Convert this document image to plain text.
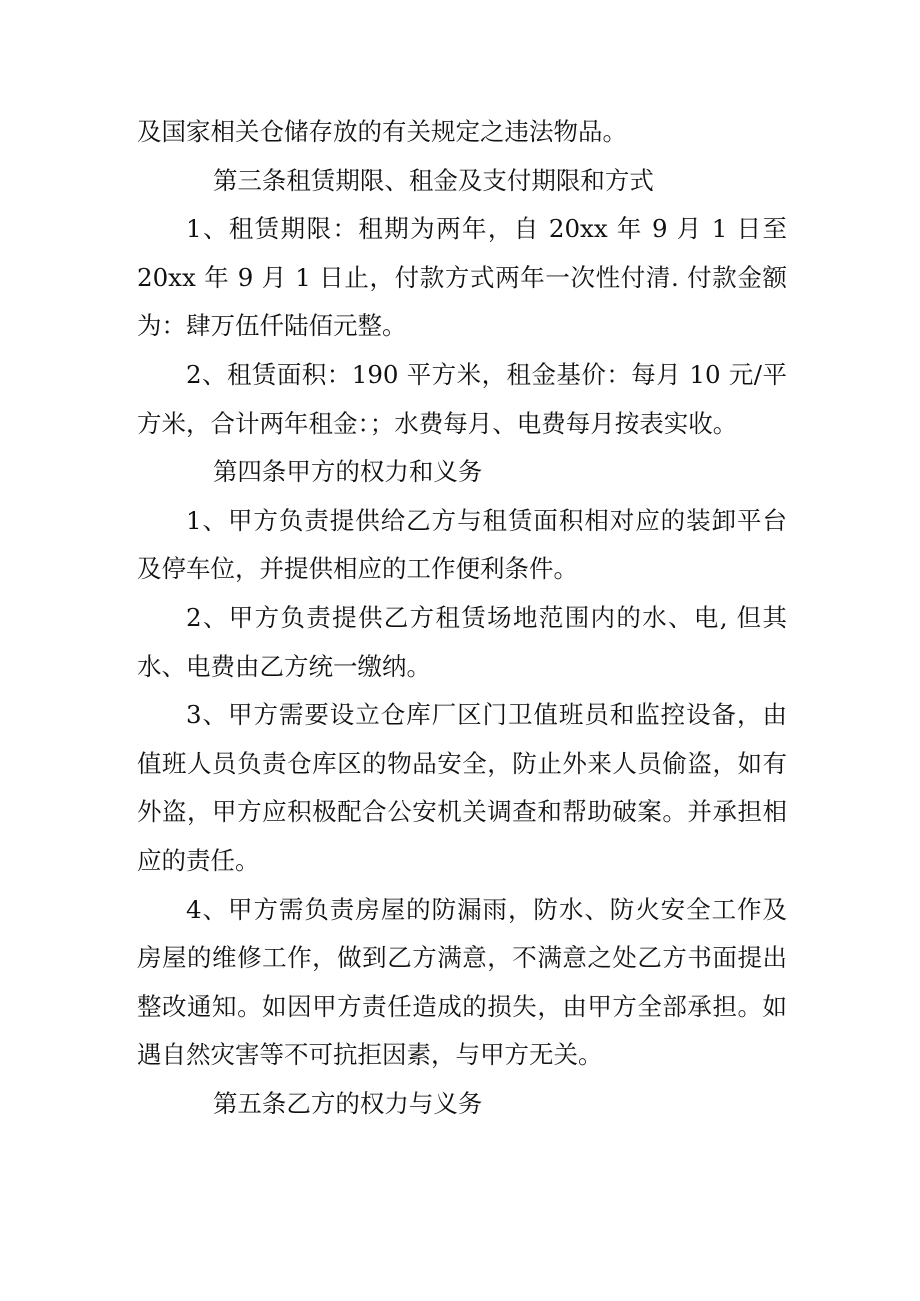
及国家相关仓储存放的有关规定之违法物品。

第三条租赁期限、租金及支付期限和方式

1、租赁期限：租期为两年，自 20xx 年 9 月 1 日至 20xx 年 9 月 1 日止，付款方式两年一次性付清. 付款金额为：肆万伍仟陆佰元整。

2、租赁面积：190 平方米，租金基价：每月 10 元/平方米，合计两年租金：；水费每月、电费每月按表实收。

第四条甲方的权力和义务

1、甲方负责提供给乙方与租赁面积相对应的装卸平台及停车位，并提供相应的工作便利条件。

2、甲方负责提供乙方租赁场地范围内的水、电, 但其水、电费由乙方统一缴纳。

3、甲方需要设立仓库厂区门卫值班员和监控设备，由值班人员负责仓库区的物品安全，防止外来人员偷盗，如有外盗，甲方应积极配合公安机关调查和帮助破案。并承担相应的责任。

4、甲方需负责房屋的防漏雨，防水、防火安全工作及房屋的维修工作，做到乙方满意，不满意之处乙方书面提出整改通知。如因甲方责任造成的损失，由甲方全部承担。如遇自然灾害等不可抗拒因素，与甲方无关。

第五条乙方的权力与义务
